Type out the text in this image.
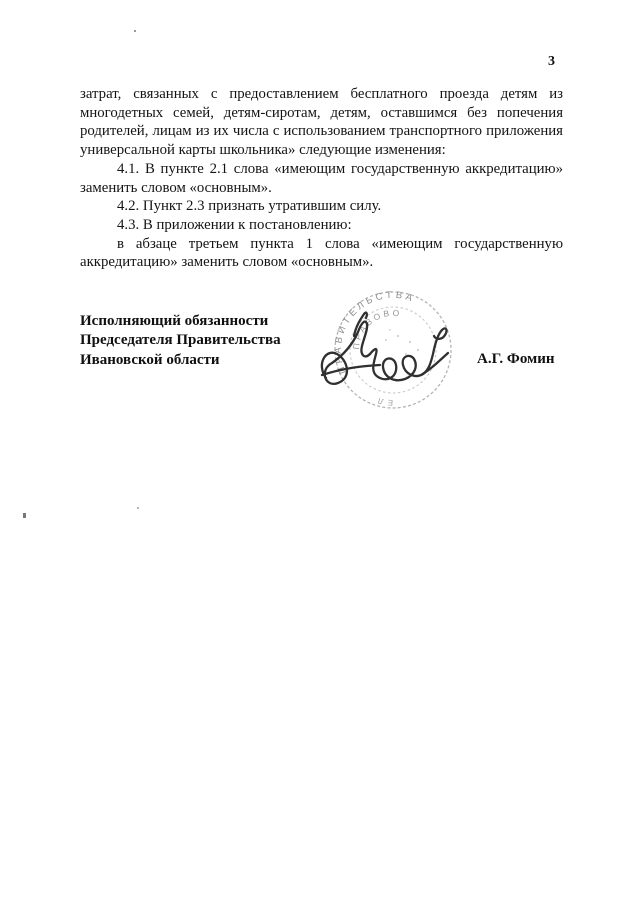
3

затрат, связанных с предоставлением бесплатного проезда детям из многодетных семей, детям-сиротам, детям, оставшимся без попечения родителей, лицам из их числа с использованием транспортного приложения универсальной карты школьника» следующие изменения:

4.1. В пункте 2.1 слова «имеющим государственную аккредитацию» заменить словом «основным».

4.2. Пункт 2.3 признать утратившим силу.

4.3. В приложении к постановлению:

в абзаце третьем пункта 1 слова «имеющим государственную аккредитацию» заменить словом «основным».

Исполняющий обязанности
Председателя Правительства
Ивановской области
ПРАВИТЕЛЬСТВА
ПРАВОВО
ЕЛ
А.Г. Фомин
